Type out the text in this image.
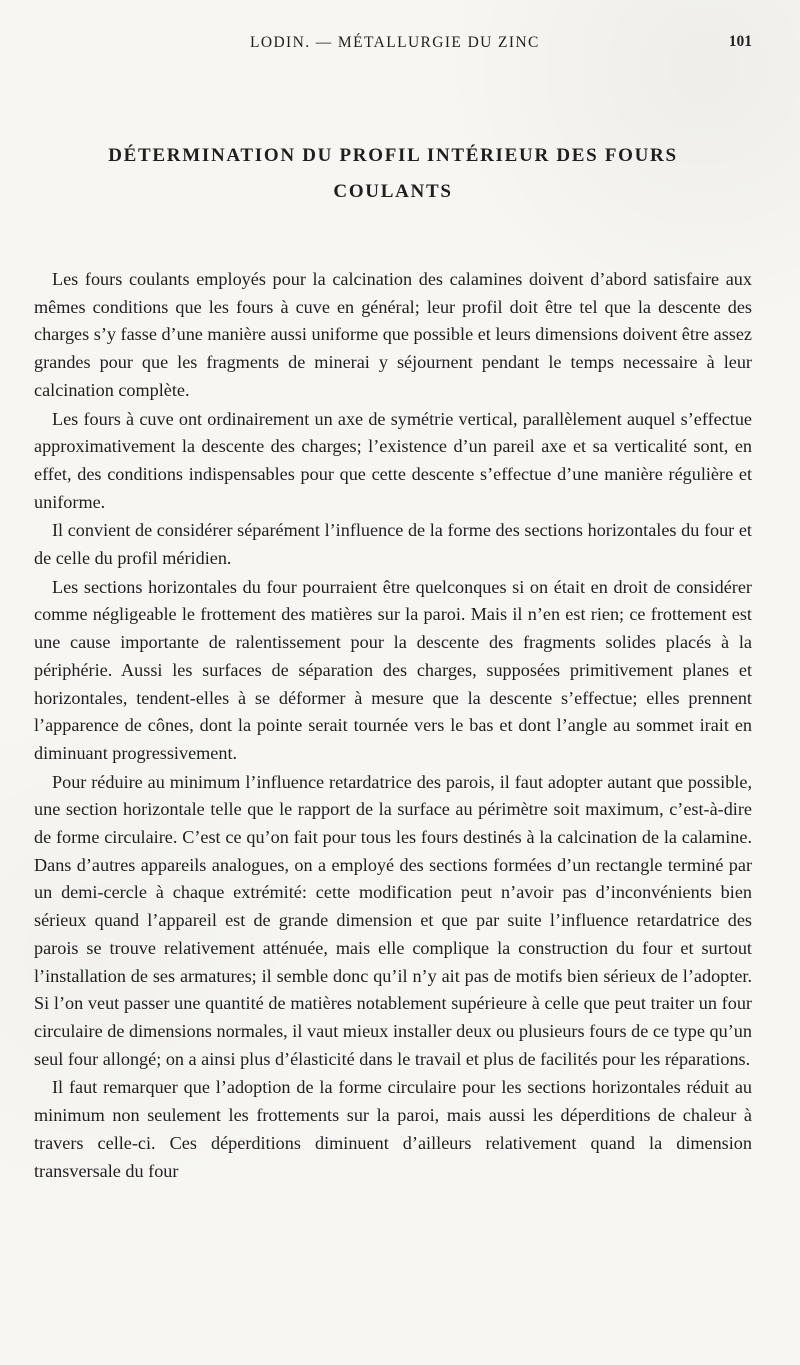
LODIN. — MÉTALLURGIE DU ZINC	101
DÉTERMINATION DU PROFIL INTÉRIEUR DES FOURS
COULANTS

Les fours coulants employés pour la calcination des calamines doivent d’abord satisfaire aux mêmes conditions que les fours à cuve en général; leur profil doit être tel que la descente des charges s’y fasse d’une manière aussi uniforme que possible et leurs dimensions doivent être assez grandes pour que les fragments de minerai y séjournent pendant le temps necessaire à leur calcination complète.

Les fours à cuve ont ordinairement un axe de symétrie vertical, parallèlement auquel s’effectue approximativement la descente des charges; l’existence d’un pareil axe et sa verticalité sont, en effet, des conditions indispensables pour que cette descente s’effectue d’une manière régulière et uniforme.

Il convient de considérer séparément l’influence de la forme des sections horizontales du four et de celle du profil méridien.

Les sections horizontales du four pourraient être quelconques si on était en droit de considérer comme négligeable le frottement des matières sur la paroi. Mais il n’en est rien; ce frottement est une cause importante de ralentissement pour la descente des fragments solides placés à la périphérie. Aussi les surfaces de séparation des charges, supposées primitivement planes et horizontales, tendent-elles à se déformer à mesure que la descente s’effectue; elles prennent l’apparence de cônes, dont la pointe serait tournée vers le bas et dont l’angle au sommet irait en diminuant progressivement.

Pour réduire au minimum l’influence retardatrice des parois, il faut adopter autant que possible, une section horizontale telle que le rapport de la surface au périmètre soit maximum, c’est-à-dire de forme circulaire. C’est ce qu’on fait pour tous les fours destinés à la calcination de la calamine. Dans d’autres appareils analogues, on a employé des sections formées d’un rectangle terminé par un demi-cercle à chaque extrémité: cette modification peut n’avoir pas d’inconvénients bien sérieux quand l’appareil est de grande dimension et que par suite l’influence retardatrice des parois se trouve relativement atténuée, mais elle complique la construction du four et surtout l’installation de ses armatures; il semble donc qu’il n’y ait pas de motifs bien sérieux de l’adopter. Si l’on veut passer une quantité de matières notablement supérieure à celle que peut traiter un four circulaire de dimensions normales, il vaut mieux installer deux ou plusieurs fours de ce type qu’un seul four allongé; on a ainsi plus d’élasticité dans le travail et plus de facilités pour les réparations.

Il faut remarquer que l’adoption de la forme circulaire pour les sections horizontales réduit au minimum non seulement les frottements sur la paroi, mais aussi les déperditions de chaleur à travers celle-ci. Ces déperditions diminuent d’ailleurs relativement quand la dimension transversale du four
